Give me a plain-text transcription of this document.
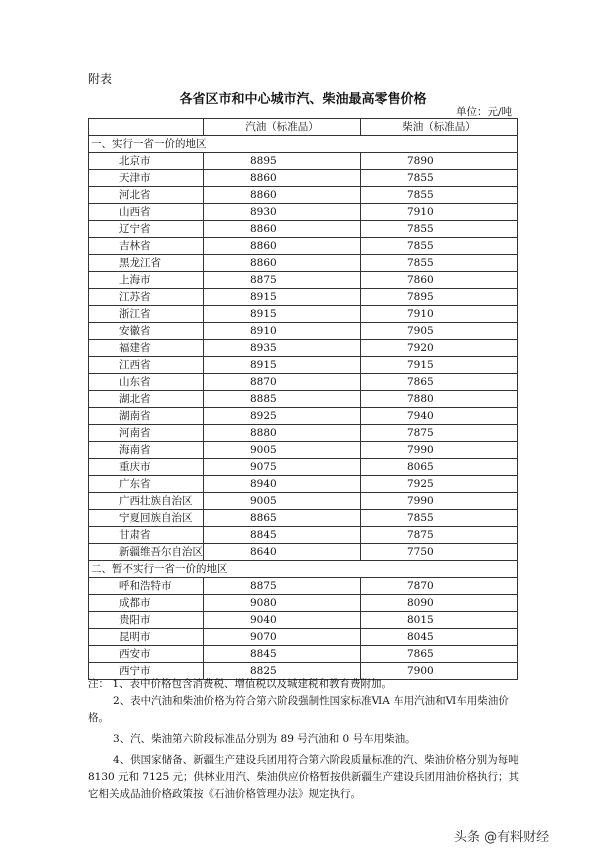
附表
各省区市和中心城市汽、柴油最高零售价格
单位：元/吨
	汽油（标准品）	柴油（标准品）
一、实行一省一价的地区		
北京市	8895	7890
天津市	8860	7855
河北省	8860	7855
山西省	8930	7910
辽宁省	8860	7855
吉林省	8860	7855
黑龙江省	8860	7855
上海市	8875	7860
江苏省	8915	7895
浙江省	8915	7910
安徽省	8910	7905
福建省	8935	7920
江西省	8915	7915
山东省	8870	7865
湖北省	8885	7880
湖南省	8925	7940
河南省	8880	7875
海南省	9005	7990
重庆市	9075	8065
广东省	8940	7925
广西壮族自治区	9005	7990
宁夏回族自治区	8865	7855
甘肃省	8845	7875
新疆维吾尔自治区	8640	7750
二、暂不实行一省一价的地区		
呼和浩特市	8875	7870
成都市	9080	8090
贵阳市	9040	8015
昆明市	9070	8045
西安市	8845	7865
西宁市	8825	7900

注： 1、表中价格包含消费税、增值税以及城建税和教育费附加。

2、表中汽油和柴油价格为符合第六阶段强制性国家标准ⅥA 车用汽油和Ⅵ车用柴油价格。

3、汽、柴油第六阶段标准品分别为 89 号汽油和 0 号车用柴油。

4、供国家储备、新疆生产建设兵团用符合第六阶段质量标准的汽、柴油价格分别为每吨 8130 元和 7125 元；供林业用汽、柴油供应价格暂按供新疆生产建设兵团用油价格执行；其它相关成品油价格政策按《石油价格管理办法》规定执行。

头条 @有料财经
